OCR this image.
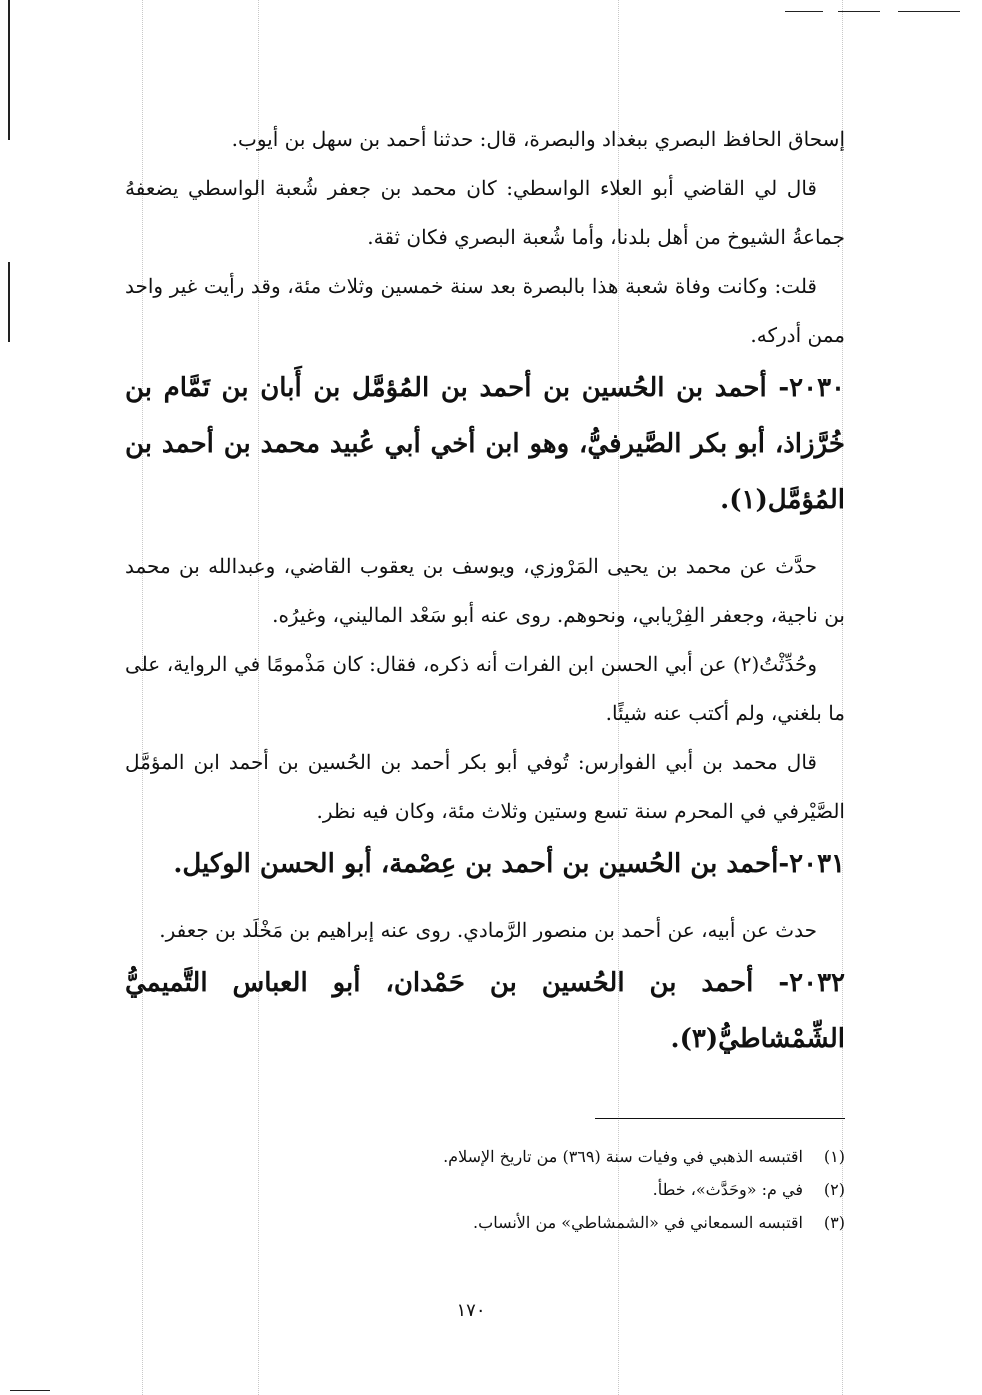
إسحاق الحافظ البصري ببغداد والبصرة، قال: حدثنا أحمد بن سهل بن أيوب.

قال لي القاضي أبو العلاء الواسطي: كان محمد بن جعفر شُعبة الواسطي يضعفهُ جماعةُ الشيوخ من أهل بلدنا، وأما شُعبة البصري فكان ثقة.

قلت: وكانت وفاة شعبة هذا بالبصرة بعد سنة خمسين وثلاث مئة، وقد رأيت غير واحد ممن أدركه.

٢٠٣٠- أحمد بن الحُسين بن أحمد بن المُؤمَّل بن أَبان بن تَمَّام بن خُرَّزاذ، أبو بكر الصَّيرفيُّ، وهو ابن أخي أبي عُبيد محمد بن أحمد بن المُؤمَّل(١).

حدَّث عن محمد بن يحيى المَرْوزي، ويوسف بن يعقوب القاضي، وعبدالله بن محمد بن ناجية، وجعفر الفِرْيابي، ونحوهم. روى عنه أبو سَعْد الماليني، وغيرُه.

وحُدِّثْتُ(٢) عن أبي الحسن ابن الفرات أنه ذكره، فقال: كان مَذْمومًا في الرواية، على ما بلغني، ولم أكتب عنه شيئًا.

قال محمد بن أبي الفوارس: تُوفي أبو بكر أحمد بن الحُسين بن أحمد ابن المؤمَّل الصَّيْرفي في المحرم سنة تسع وستين وثلاث مئة، وكان فيه نظر.

٢٠٣١-أحمد بن الحُسين بن أحمد بن عِصْمة، أبو الحسن الوكيل.

حدث عن أبيه، عن أحمد بن منصور الرَّمادي. روى عنه إبراهيم بن مَخْلَد بن جعفر.

٢٠٣٢- أحمد بن الحُسين بن حَمْدان، أبو العباس التَّميميُّ الشِّمْشاطيُّ(٣).

(١)اقتبسه الذهبي في وفيات سنة (٣٦٩) من تاريخ الإسلام.
(٢)في م: «وحَدَّث»، خطأ.
(٣)اقتبسه السمعاني في «الشمشاطي» من الأنساب.
١٧٠
